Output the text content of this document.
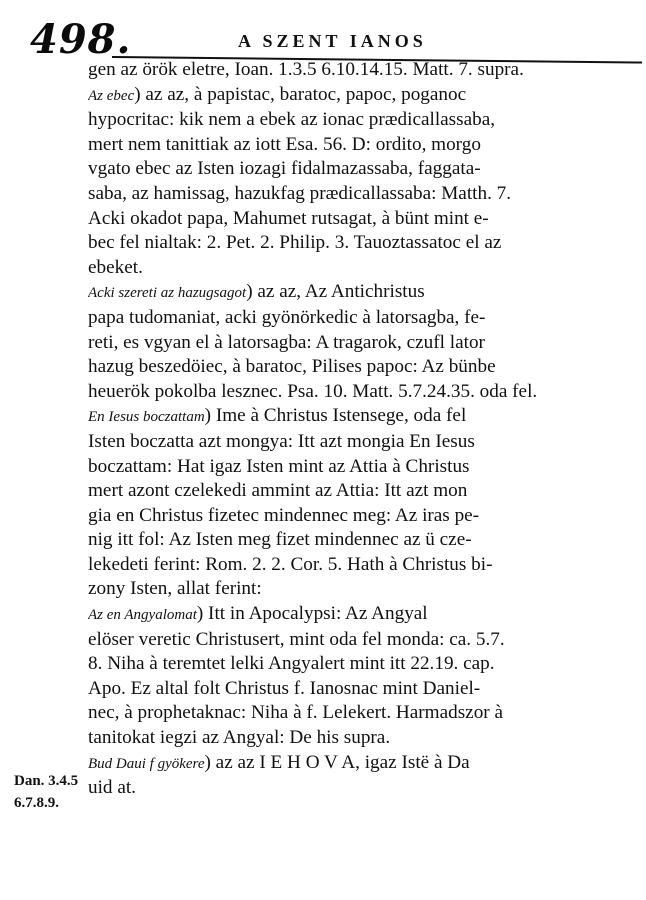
498.	A SZENT IANOS
gen az örök eletre, Ioan. 1.3.5 6.10.14.15. Matt. 7. supra.
Az ebec) az az, à papistac, baratoc, papoc, poganoc
hypocritac: kik nem a ebek az ionac prædicallassaba,
mert nem tanittiak az iott Esa. 56. D: ordito, morgo
vgato ebec az Isten iozagi fidalmazassaba, faggata-
saba, az hamissag, hazukfag prædicallassaba: Matth. 7.
Acki okadot papa, Mahumet rutsagat, à bünt mint e-
bec fel nialtak: 2. Pet. 2. Philip. 3. Tauoztassatoc el az
ebeket.
Acki szereti az hazugsagot) az az, Az Antichristus
papa tudomaniat, acki gyönörkedic à latorsagba, fe-
reti, es vgyan el à latorsagba: A tragarok, czufl lator
hazug beszedöiec, à baratoc, Pilises papoc: Az bünbe
heuerök pokolba lesznec. Psa. 10. Matt. 5.7.24.35. oda fel.
En Iesus boczattam) Ime à Christus Istensege, oda fel
Isten boczatta azt mongya: Itt azt mongia En Iesus
boczattam: Hat igaz Isten mint az Attia à Christus
mert azont czelekedi ammint az Attia: Itt azt mon
gia en Christus fizetec mindennec meg: Az iras pe-
nig itt fol: Az Isten meg fizet mindennec az ü cze-
lekedeti ferint: Rom. 2. 2. Cor. 5. Hath à Christus bi-
zony Isten, allat ferint:
Az en Angyalomat) Itt in Apocalypsi: Az Angyal
elöser veretic Christusert, mint oda fel monda: ca. 5.7.
8. Niha à teremtet lelki Angyalert mint itt 22.19. cap.
Apo. Ez altal folt Christus f. Ianosnac mint Daniel-
nec, à prophetaknac: Niha à f. Lelekert. Harmadszor à
tanitokat iegzi az Angyal: De his supra.
Bud Daui f gyökere) az az I E H O V A, igaz Istë à Da
uid at.
Dan. 3.4.5
6.7.8.9.
